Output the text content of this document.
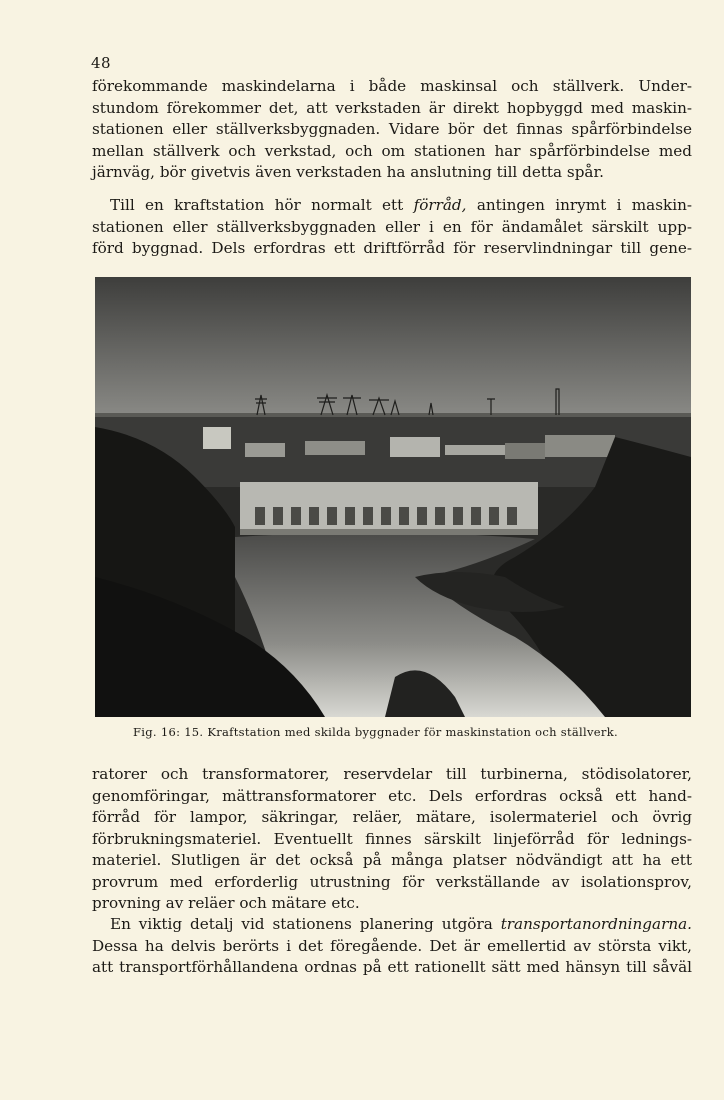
48
förekommande maskindelarna i både maskinsal och ställverk. Under-
stundom förekommer det, att verkstaden är direkt hopbyggd med maskin-
stationen eller ställverksbyggnaden. Vidare bör det finnas spårförbindelse
mellan ställverk och verkstad, och om stationen har spårförbindelse med
järnväg, bör givetvis även verkstaden ha anslutning till detta spår.
Till en kraftstation hör normalt ett förråd, antingen inrymt i maskin-
stationen eller ställverksbyggnaden eller i en för ändamålet särskilt upp-
förd byggnad. Dels erfordras ett driftförråd för reservlindningar till gene-
Fig. 16: 15. Kraftstation med skilda byggnader för maskinstation och ställverk.
ratorer och transformatorer, reservdelar till turbinerna, stödisolatorer,
genomföringar, mättransformatorer etc. Dels erfordras också ett hand-
förråd för lampor, säkringar, reläer, mätare, isolermateriel och övrig
förbrukningsmateriel. Eventuellt finnes särskilt linjeförråd för lednings-
materiel. Slutligen är det också på många platser nödvändigt att ha ett
provrum med erforderlig utrustning för verkställande av isolationsprov,
provning av reläer och mätare etc.
En viktig detalj vid stationens planering utgöra transportanordningarna.
Dessa ha delvis berörts i det föregående. Det är emellertid av största vikt,
att transportförhållandena ordnas på ett rationellt sätt med hänsyn till såväl
